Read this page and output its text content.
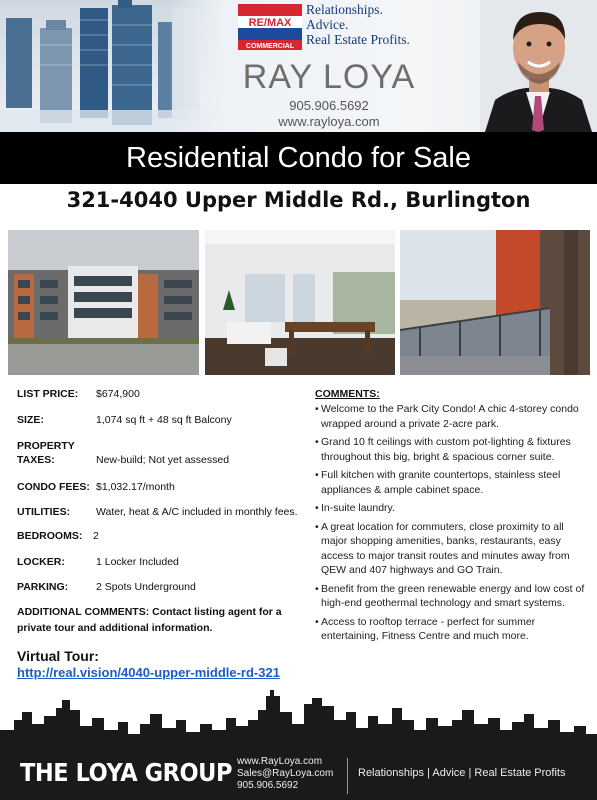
RE/MAX
COMMERCIAL
Relationships.
Advice.
Real Estate Profits.
RAY LOYA
905.906.5692
www.rayloya.com
Residential Condo for Sale
321-4040 Upper Middle Rd., Burlington
LIST PRICE: $674,900
SIZE:	1,074 sq ft + 48 sq ft Balcony
PROPERTY
TAXES:	New-build; Not yet assessed
CONDO FEES: $1,032.17/month
UTILITIES: Water, heat & A/C included in monthly fees.
BEDROOMS: 2
LOCKER:	1 Locker Included
PARKING:	2 Spots Underground
ADDITIONAL COMMENTS: Contact listing agent for a private tour and additional information.
Virtual Tour:
http://real.vision/4040-upper-middle-rd-321
COMMENTS:
• Welcome to the Park City Condo! A chic 4-storey condo wrapped around a private 2-acre park.
• Grand 10 ft ceilings with custom pot-lighting & fixtures throughout this big, bright & spacious corner suite.
• Full kitchen with granite countertops, stainless steel appliances & ample cabinet space.
• In-suite laundry.
• A great location for commuters, close proximity to all major shopping amenities, banks, restaurants, easy access to major transit routes and minutes away from QEW and 407 highways and GO Train.
• Benefit from the green renewable energy and low cost of high-end geothermal technology and smart systems.
• Access to rooftop terrace - perfect for summer entertaining, Fitness Centre and much more.
THE LOYA GROUP www.RayLoya.com
Sales@RayLoya.com
905.906.5692
Relationships | Advice | Real Estate Profits
